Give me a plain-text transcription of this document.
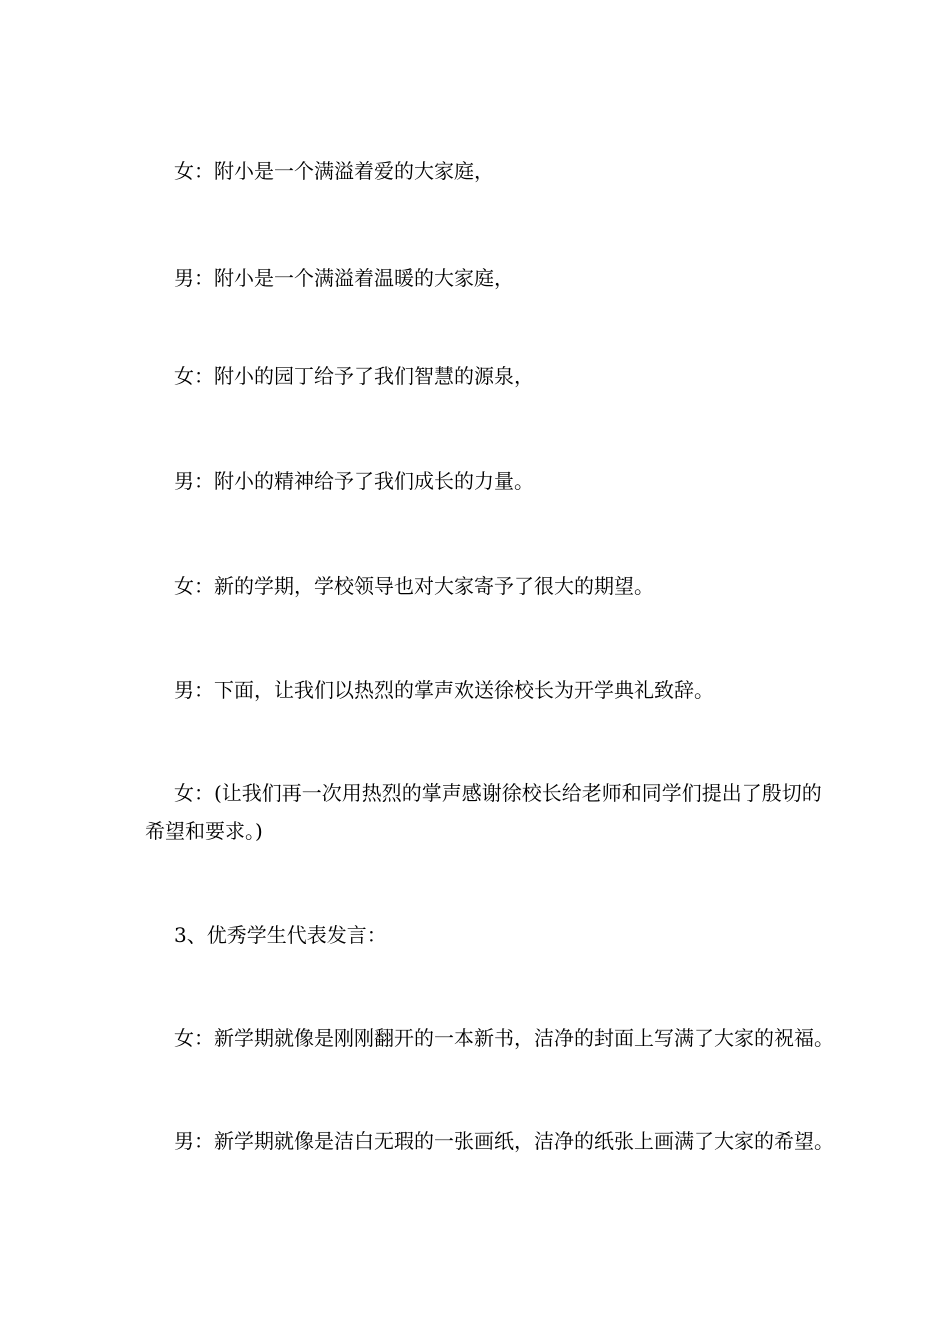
女：附小是一个满溢着爱的大家庭，

男：附小是一个满溢着温暖的大家庭，

女：附小的园丁给予了我们智慧的源泉，

男：附小的精神给予了我们成长的力量。

女：新的学期，学校领导也对大家寄予了很大的期望。

男：下面，让我们以热烈的掌声欢送徐校长为开学典礼致辞。

女：(让我们再一次用热烈的掌声感谢徐校长给老师和同学们提出了殷切的希望和要求。)

3、优秀学生代表发言：

女：新学期就像是刚刚翻开的一本新书，洁净的封面上写满了大家的祝福。

男：新学期就像是洁白无瑕的一张画纸，洁净的纸张上画满了大家的希望。
